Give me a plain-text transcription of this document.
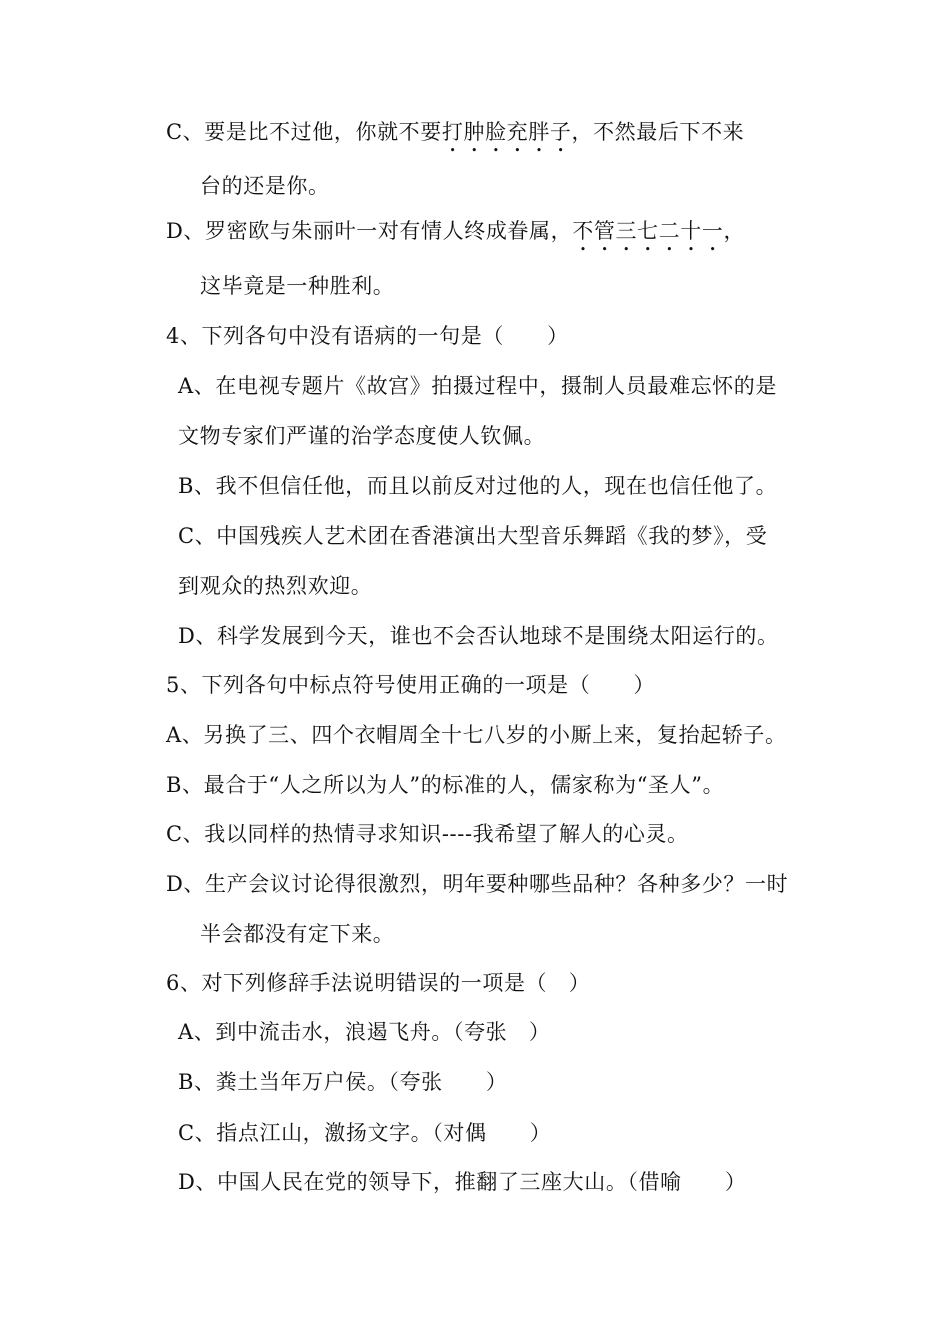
C、要是比不过他，你就不要打肿脸充胖子，不然最后下不来
台的还是你。
D、罗密欧与朱丽叶一对有情人终成眷属，不管三七二十一，
这毕竟是一种胜利。
4、下列各句中没有语病的一句是（　　）
A、在电视专题片《故宫》拍摄过程中，摄制人员最难忘怀的是
文物专家们严谨的治学态度使人钦佩。
B、我不但信任他，而且以前反对过他的人，现在也信任他了。
C、中国残疾人艺术团在香港演出大型音乐舞蹈《我的梦》，受
到观众的热烈欢迎。
D、科学发展到今天，谁也不会否认地球不是围绕太阳运行的。
5、下列各句中标点符号使用正确的一项是（　　）
A、另换了三、四个衣帽周全十七八岁的小厮上来，复抬起轿子。
B、最合于“人之所以为人”的标准的人，儒家称为“圣人”。
C、我以同样的热情寻求知识----我希望了解人的心灵。
D、生产会议讨论得很激烈，明年要种哪些品种？各种多少？一时
半会都没有定下来。
6、对下列修辞手法说明错误的一项是（　）
A、到中流击水，浪遏飞舟。（夸张　）
B、粪土当年万户侯。（夸张　　）
C、指点江山，激扬文字。（对偶　　）
D、中国人民在党的领导下，推翻了三座大山。（借喻　　）
